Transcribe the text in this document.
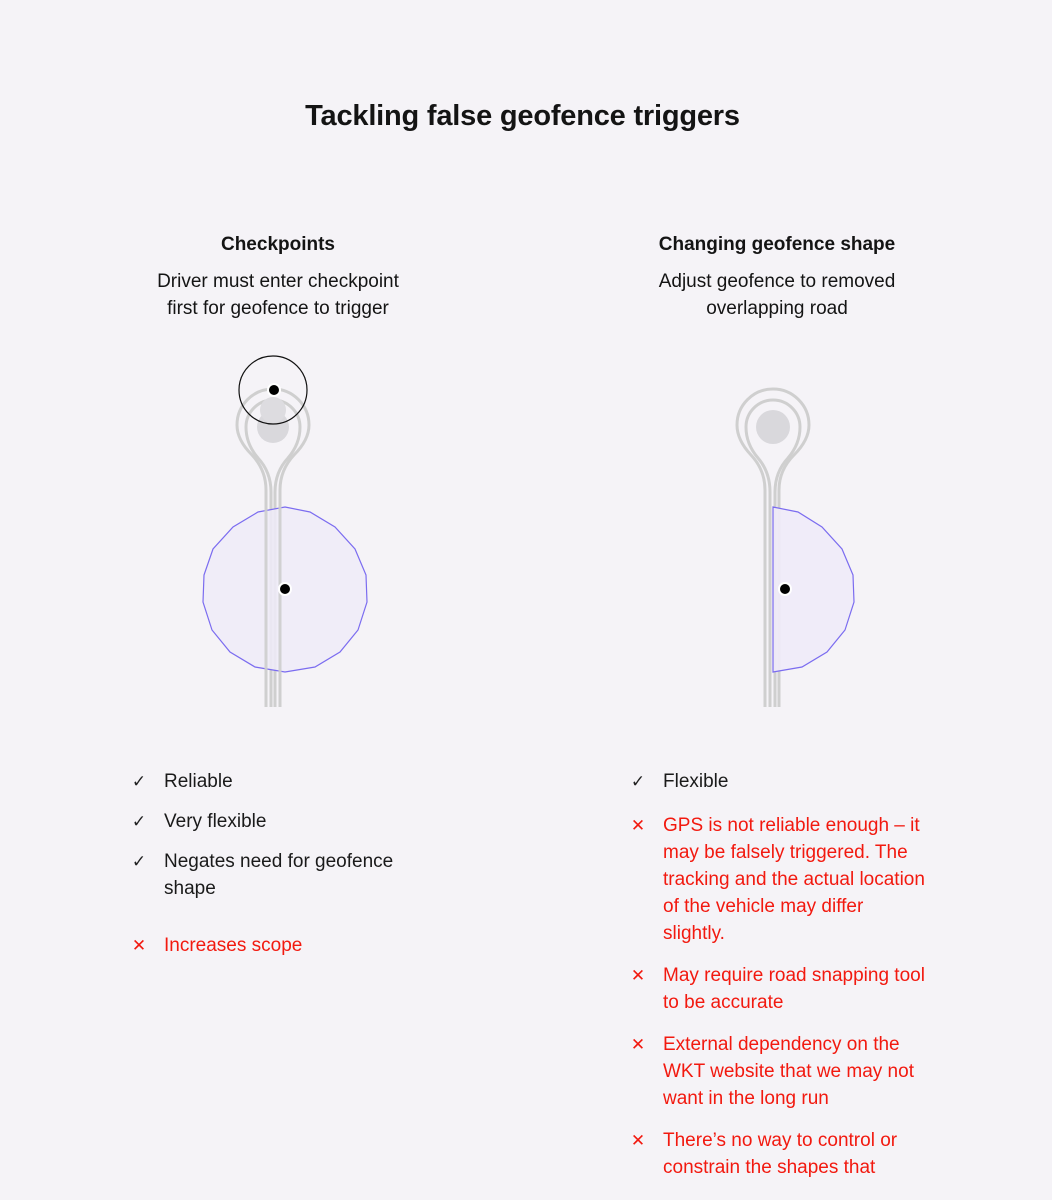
Tackling false geofence triggers
Checkpoints
Driver must enter checkpoint
first for geofence to trigger
Changing geofence shape
Adjust geofence to removed
overlapping road
✓ Reliable
✓ Very flexible
✓ Negates need for geofence shape
✕ Increases scope
✓ Flexible
✕ GPS is not reliable enough – it may be falsely triggered. The tracking and the actual location of the vehicle may differ slightly.
✕ May require road snapping tool to be accurate
✕ External dependency on the WKT website that we may not want in the long run
✕ There’s no way to control or constrain the shapes that
